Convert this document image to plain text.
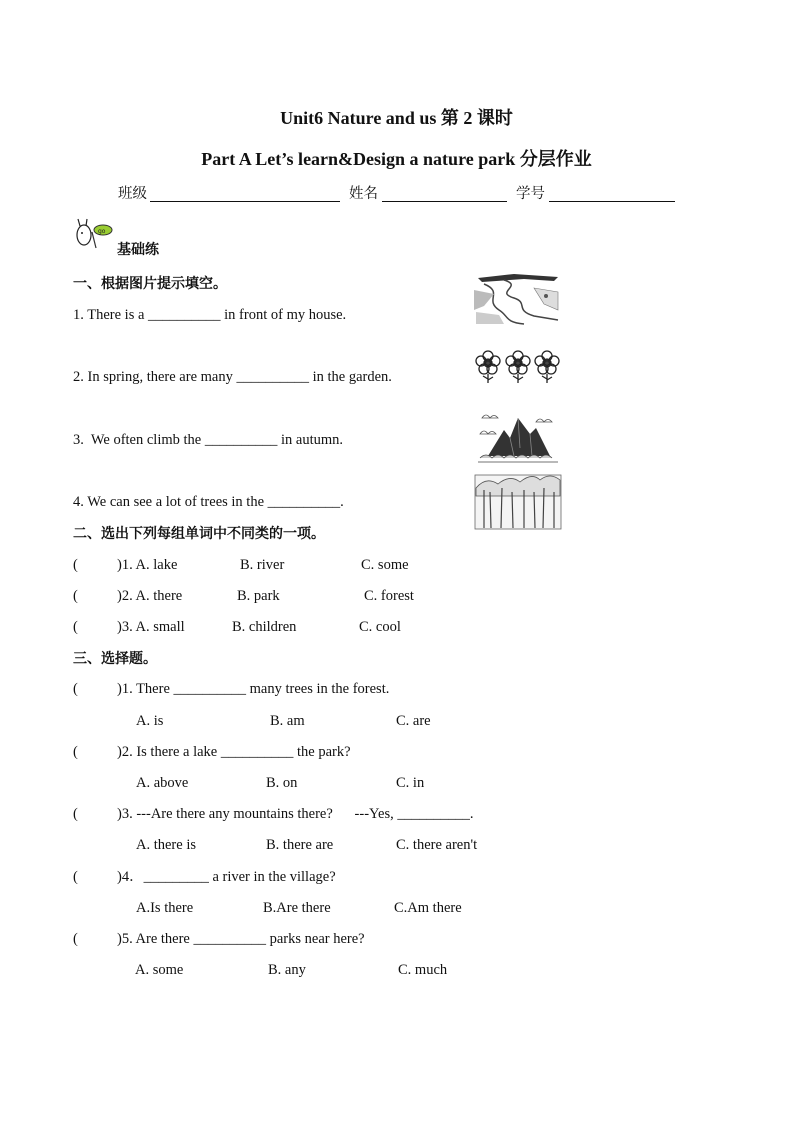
Unit6 Nature and us 第 2 课时
Part A Let’s learn&Design a nature park 分层作业
班级	姓名	学号
go
基础练
一、根据图片提示填空。
1. There is a __________ in front of my house.
2. In spring, there are many __________ in the garden.
3.  We often climb the __________ in autumn.
4. We can see a lot of trees in the __________.
二、选出下列每组单词中不同类的一项。
(	)1. A. lake	B. river	C. some
(	)2. A. there	B. park	C. forest
(	)3. A. small	B. children	C. cool
三、选择题。
(	)1. There __________ many trees in the forest.
A. is	B. am	C. are
(	)2. Is there a lake __________ the park?
A. above	B. on	C. in
(	)3. ---Are there any mountains there?      ---Yes, __________.
A. there is	B. there are	C. there aren't
(	)4．_________ a river in the village?
A.Is there	B.Are there	C.Am there
(	)5. Are there __________ parks near here?
A. some	B. any	C. much
